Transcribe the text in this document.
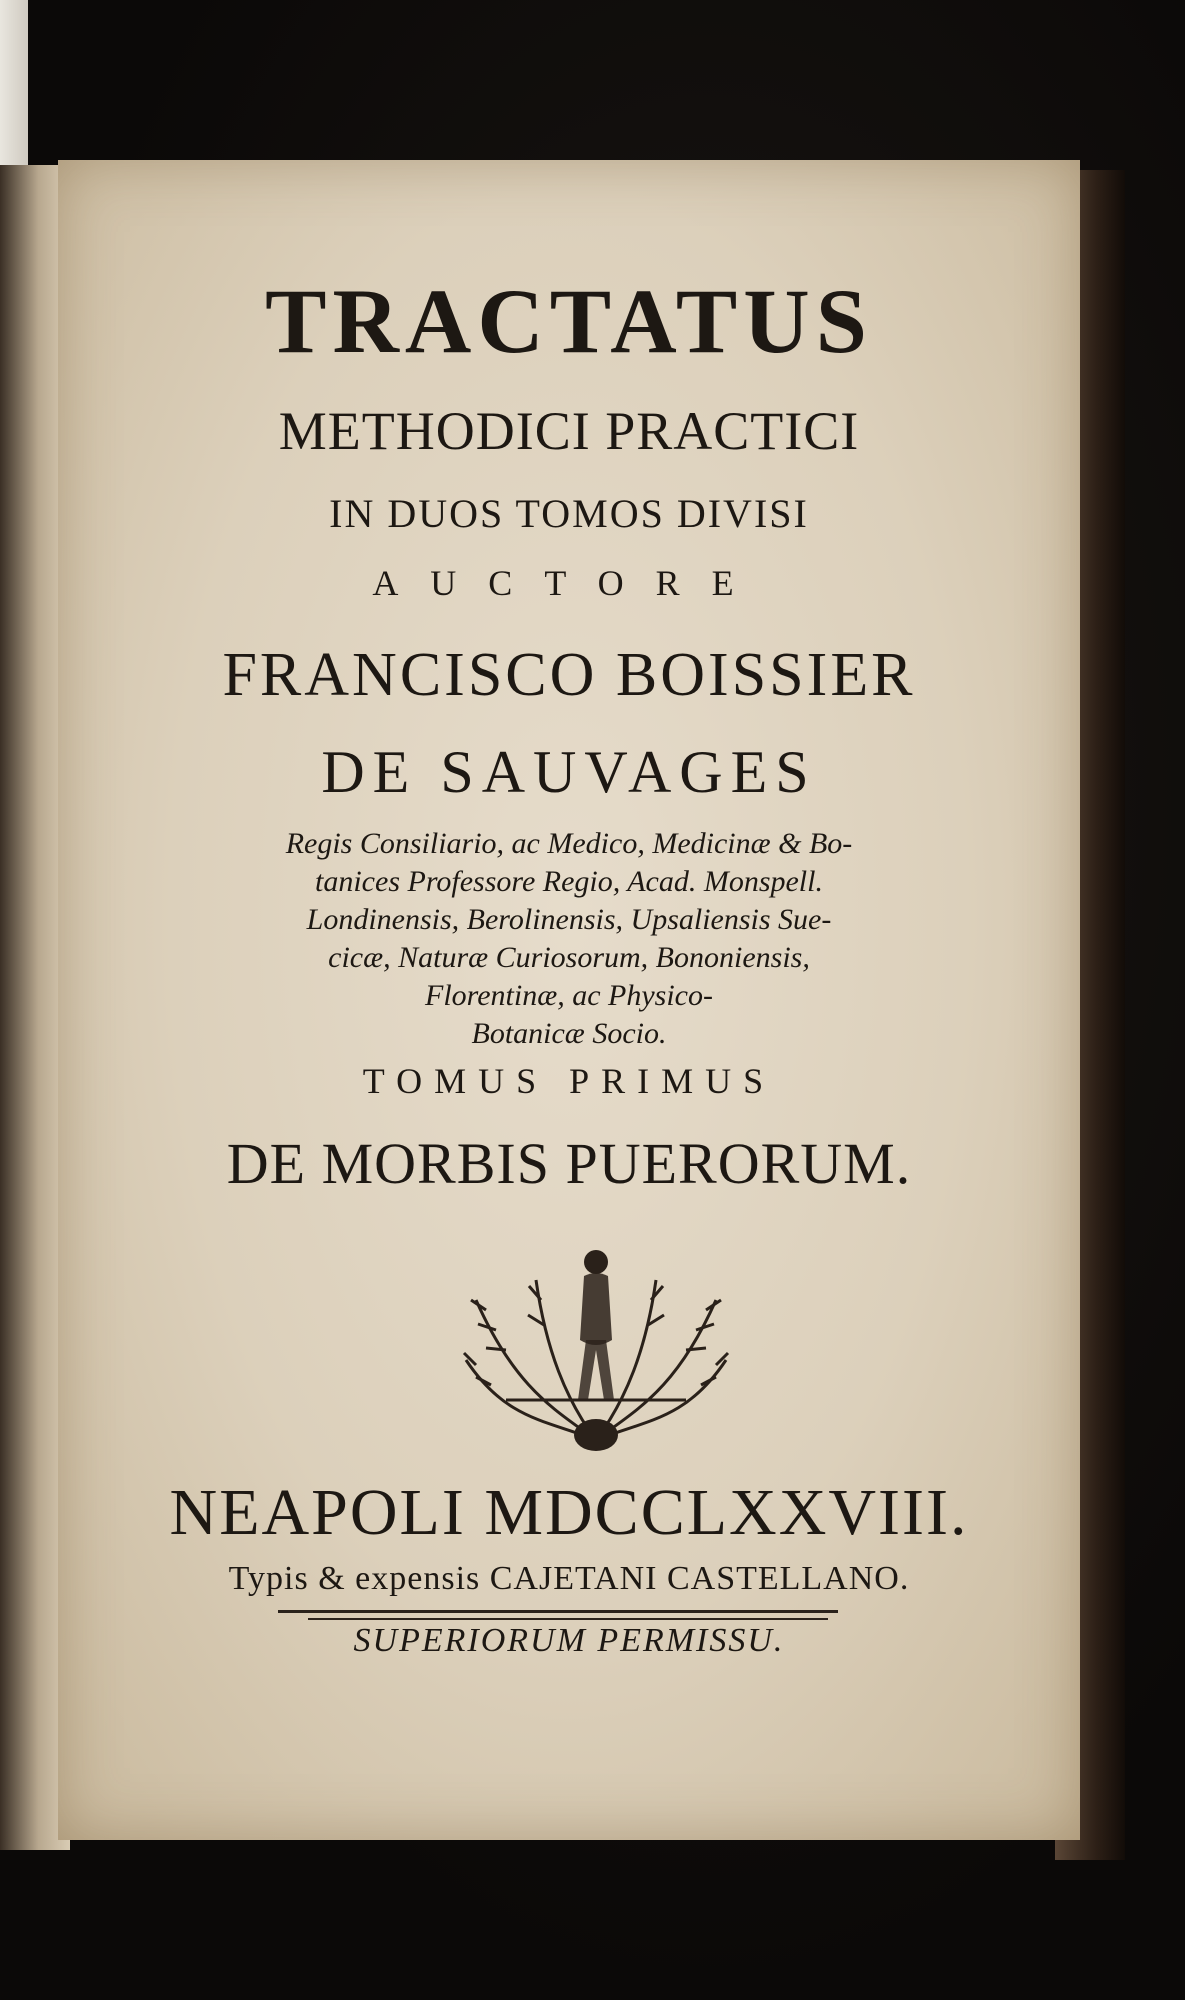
TRACTATUS
METHODICI PRACTICI
IN DUOS TOMOS DIVISI
AUCTORE
FRANCISCO BOISSIER
DE SAUVAGES
Regis Consiliario, ac Medico, Medicinæ & Bo-
tanices Professore Regio, Acad. Monspell.
Londinensis, Berolinensis, Upsaliensis Sue-
cicæ, Naturæ Curiosorum, Bononiensis,
Florentinæ, ac Physico-
Botanicæ Socio.
TOMUS PRIMUS
DE MORBIS PUERORUM.
NEAPOLI MDCCLXXVIII.
Typis & expensis CAJETANI CASTELLANO.
SUPERIORUM PERMISSU.
